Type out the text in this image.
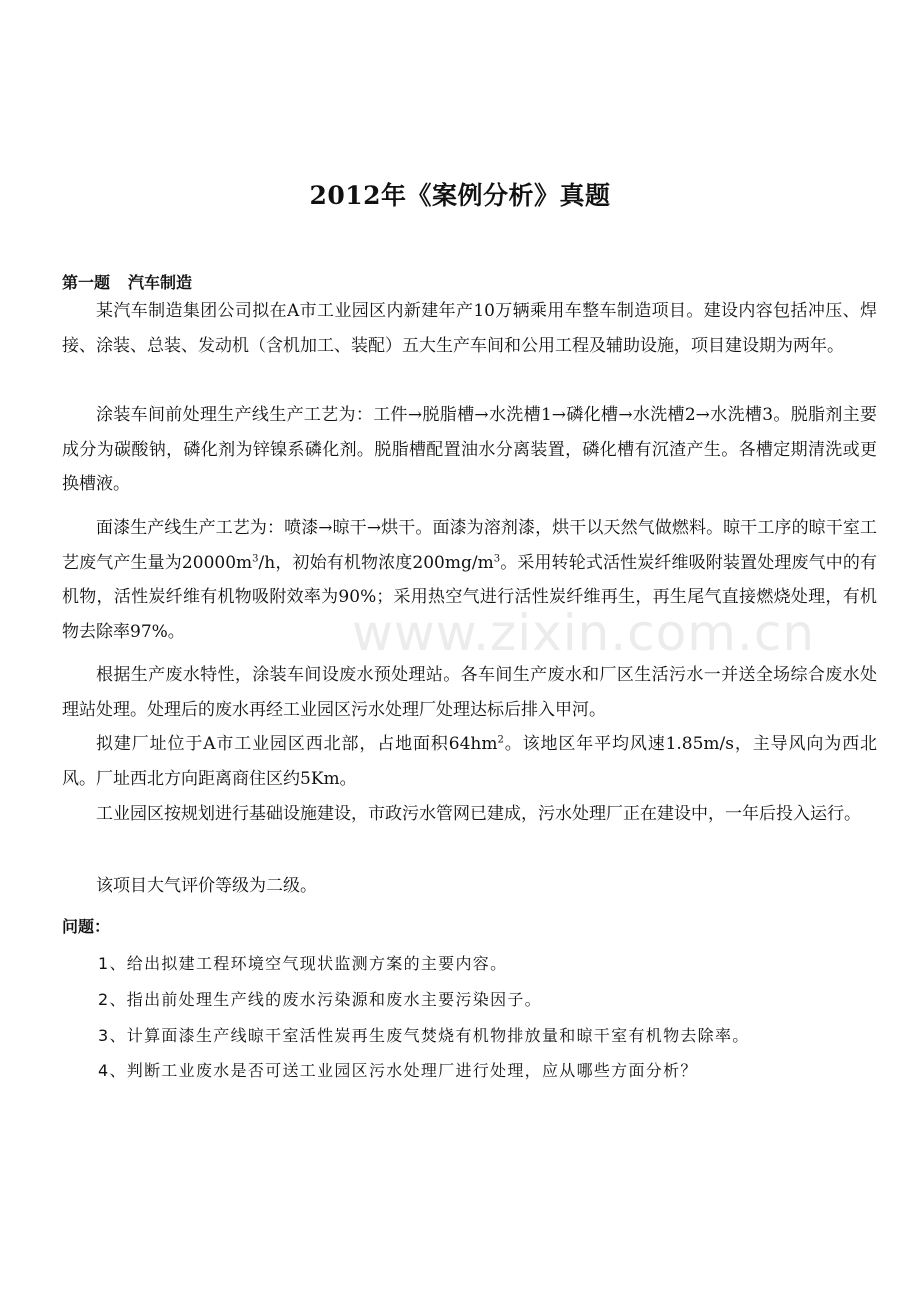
2012年《案例分析》真题
第一题 汽车制造
某汽车制造集团公司拟在A市工业园区内新建年产10万辆乘用车整车制造项目。建设内容包括冲压、焊接、涂装、总装、发动机（含机加工、装配）五大生产车间和公用工程及辅助设施，项目建设期为两年。
涂装车间前处理生产线生产工艺为：工件→脱脂槽→水洗槽1→磷化槽→水洗槽2→水洗槽3。脱脂剂主要成分为碳酸钠，磷化剂为锌镍系磷化剂。脱脂槽配置油水分离装置，磷化槽有沉渣产生。各槽定期清洗或更换槽液。
面漆生产线生产工艺为：喷漆→晾干→烘干。面漆为溶剂漆，烘干以天然气做燃料。晾干工序的晾干室工艺废气产生量为$20000m^3/h$，初始有机物浓度$200mg/m^3$。采用转轮式活性炭纤维吸附装置处理废气中的有机物，活性炭纤维有机物吸附效率为90%；采用热空气进行活性炭纤维再生，再生尾气直接燃烧处理，有机物去除率97%。	www.zixin.com.cn
根据生产废水特性，涂装车间设废水预处理站。各车间生产废水和厂区生活污水一并送全场综合废水处理站处理。处理后的废水再经工业园区污水处理厂处理达标后排入甲河。
拟建厂址位于A市工业园区西北部，占地面积$64hm^2$。该地区年平均风速1.85m/s，主导风向为西北风。厂址西北方向距离商住区约5Km。
工业园区按规划进行基础设施建设，市政污水管网已建成，污水处理厂正在建设中，一年后投入运行。
该项目大气评价等级为二级。
问题：
1、给出拟建工程环境空气现状监测方案的主要内容。
2、指出前处理生产线的废水污染源和废水主要污染因子。
3、计算面漆生产线晾干室活性炭再生废气焚烧有机物排放量和晾干室有机物去除率。
4、判断工业废水是否可送工业园区污水处理厂进行处理，应从哪些方面分析？
